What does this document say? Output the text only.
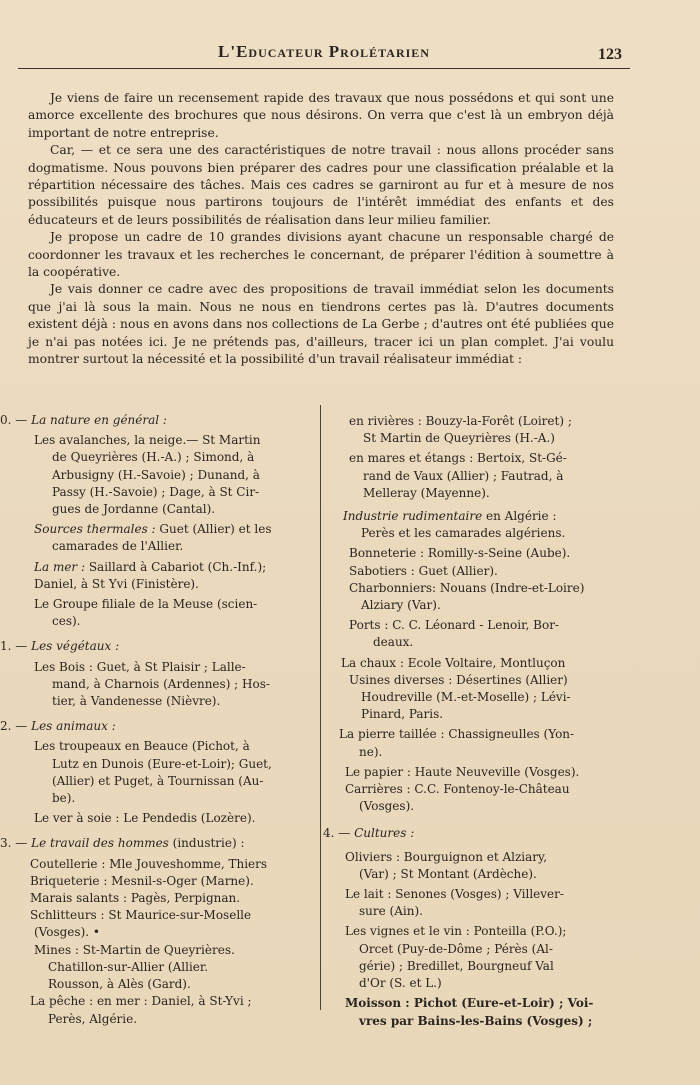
L'Educateur Prolétarien	123

Je viens de faire un recensement rapide des travaux que nous possédons et qui sont une amorce excellente des brochures que nous désirons. On verra que c'est là un embryon déjà important de notre entreprise.

Car, — et ce sera une des caractéristiques de notre travail : nous allons procéder sans dogmatisme. Nous pouvons bien préparer des cadres pour une classification préalable et la répartition nécessaire des tâches. Mais ces cadres se garniront au fur et à mesure de nos possibilités puisque nous partirons toujours de l'intérêt immédiat des enfants et des éducateurs et de leurs possibilités de réalisation dans leur milieu familier.

Je propose un cadre de 10 grandes divisions ayant chacune un responsable chargé de coordonner les travaux et les recherches le concernant, de préparer l'édition à soumettre à la coopérative.

Je vais donner ce cadre avec des propositions de travail immédiat selon les documents que j'ai là sous la main. Nous ne nous en tiendrons certes pas là. D'autres documents existent déjà : nous en avons dans nos collections de La Gerbe ; d'autres ont été publiées que je n'ai pas notées ici. Je ne prétends pas, d'ailleurs, tracer ici un plan complet. J'ai voulu montrer surtout la nécessité et la possibilité d'un travail réalisateur immédiat :

0. — La nature en général :
Les avalanches, la neige.— St Martin
de Queyrières (H.-A.) ; Simond, à
Arbusigny (H.-Savoie) ; Dunand, à
Passy (H.-Savoie) ; Dage, à St Cir-
gues de Jordanne (Cantal).
Sources thermales : Guet (Allier) et les
camarades de l'Allier.
La mer : Saillard à Cabariot (Ch.-Inf.);
Daniel, à St Yvi (Finistère).
Le Groupe filiale de la Meuse (scien-
ces).
1. — Les végétaux :
Les Bois : Guet, à St Plaisir ; Lalle-
mand, à Charnois (Ardennes) ; Hos-
tier, à Vandenesse (Nièvre).
2. — Les animaux :
Les troupeaux en Beauce (Pichot, à
Lutz en Dunois (Eure-et-Loir); Guet,
(Allier) et Puget, à Tournissan (Au-
be).
Le ver à soie : Le Pendedis (Lozère).
3. — Le travail des hommes (industrie) :
Coutellerie : Mle Jouveshomme, Thiers
Briqueterie : Mesnil-s-Oger (Marne).
Marais salants : Pagès, Perpignan.
Schlitteurs : St Maurice-sur-Moselle
(Vosges). •
Mines : St-Martin de Queyrières.
Chatillon-sur-Allier (Allier.
Rousson, à Alès (Gard).
La pêche : en mer : Daniel, à St-Yvi ;
Perès, Algérie.
en rivières : Bouzy-la-Forêt (Loiret) ;
St Martin de Queyrières (H.-A.)
en mares et étangs : Bertoix, St-Gé-
rand de Vaux (Allier) ; Fautrad, à
Melleray (Mayenne).
Industrie rudimentaire en Algérie :
Perès et les camarades algériens.
Bonneterie : Romilly-s-Seine (Aube).
Sabotiers : Guet (Allier).
Charbonniers: Nouans (Indre-et-Loire)
Alziary (Var).
Ports : C. C. Léonard - Lenoir, Bor-
deaux.
La chaux : Ecole Voltaire, Montluçon
Usines diverses : Désertines (Allier)
Houdreville (M.-et-Moselle) ; Lévi-
Pinard, Paris.
La pierre taillée : Chassigneulles (Yon-
ne).
Le papier : Haute Neuveville (Vosges).
Carrières : C.C. Fontenoy-le-Château
(Vosges).
4. — Cultures :
Oliviers : Bourguignon et Alziary,
(Var) ; St Montant (Ardèche).
Le lait : Senones (Vosges) ; Villever-
sure (Ain).
Les vignes et le vin : Ponteilla (P.O.);
Orcet (Puy-de-Dôme ; Pérès (Al-
gérie) ; Bredillet, Bourgneuf Val
d'Or (S. et L.)
Moisson : Pichot (Eure-et-Loir) ; Voi-
vres par Bains-les-Bains (Vosges) ;
